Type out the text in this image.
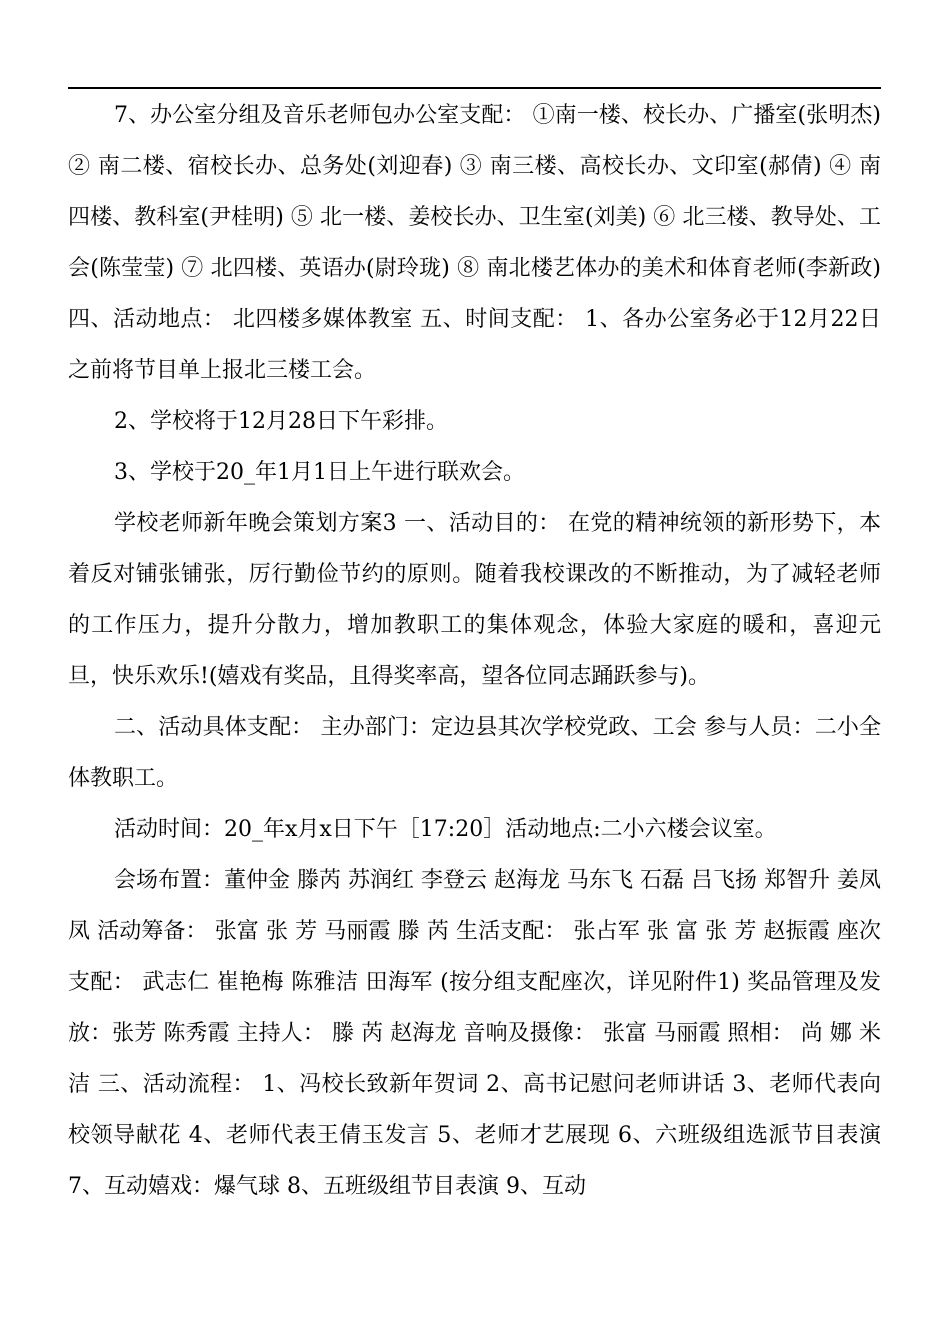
7、办公室分组及音乐老师包办公室支配： ①南一楼、校长办、广播室(张明杰) ② 南二楼、宿校长办、总务处(刘迎春) ③ 南三楼、高校长办、文印室(郝倩) ④ 南四楼、教科室(尹桂明) ⑤ 北一楼、姜校长办、卫生室(刘美) ⑥ 北三楼、教导处、工会(陈莹莹) ⑦ 北四楼、英语办(尉玲珑) ⑧ 南北楼艺体办的美术和体育老师(李新政) 四、活动地点： 北四楼多媒体教室 五、时间支配： 1、各办公室务必于12月22日之前将节目单上报北三楼工会。

2、学校将于12月28日下午彩排。

3、学校于20_年1月1日上午进行联欢会。

学校老师新年晚会策划方案3 一、活动目的： 在党的精神统领的新形势下，本着反对铺张铺张，厉行勤俭节约的原则。随着我校课改的不断推动，为了减轻老师的工作压力，提升分散力，增加教职工的集体观念，体验大家庭的暖和，喜迎元旦，快乐欢乐!(嬉戏有奖品，且得奖率高，望各位同志踊跃参与)。

二、活动具体支配： 主办部门：定边县其次学校党政、工会 参与人员：二小全体教职工。

活动时间：20_年x月x日下午［17:20］活动地点:二小六楼会议室。

会场布置：董仲金 滕芮 苏润红 李登云 赵海龙 马东飞 石磊 吕飞扬 郑智升 姜凤凤 活动筹备： 张富 张 芳 马丽霞 滕 芮 生活支配： 张占军 张 富 张 芳 赵振霞 座次支配： 武志仁 崔艳梅 陈雅洁 田海军 (按分组支配座次，详见附件1) 奖品管理及发放：张芳 陈秀霞 主持人： 滕 芮 赵海龙 音响及摄像： 张富 马丽霞 照相： 尚 娜 米洁 三、活动流程： 1、冯校长致新年贺词 2、高书记慰问老师讲话 3、老师代表向校领导献花 4、老师代表王倩玉发言 5、老师才艺展现 6、六班级组选派节目表演 7、互动嬉戏：爆气球 8、五班级组节目表演 9、互动
